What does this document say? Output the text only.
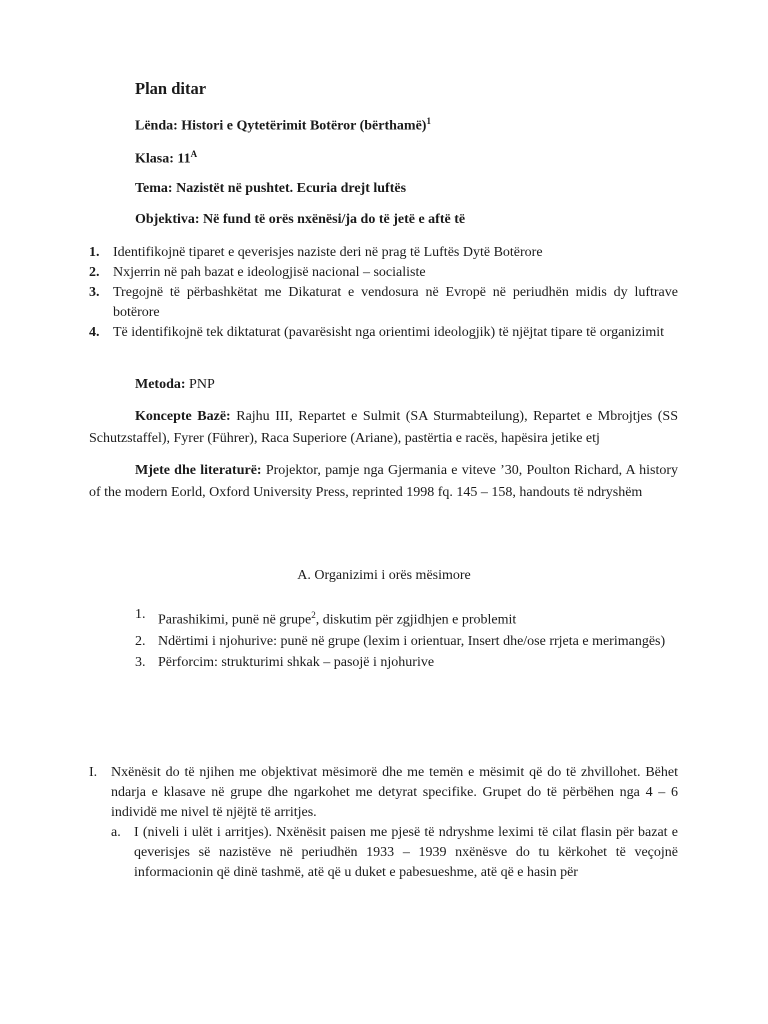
Plan ditar
Lënda: Histori e Qytetërimit Botëror (bërthamë)$^1$
Klasa: $11^A$
Tema: Nazistët në pushtet. Ecuria drejt luftës
Objektiva: Në fund të orës nxënësi/ja do të jetë e aftë të

1. Identifikojnë tiparet e qeverisjes naziste deri në prag të Luftës Dytë Botërore

2. Nxjerrin në pah bazat e ideologjisë nacional – socialiste

3. Tregojnë të përbashkëtat me Dikaturat e vendosura në Evropë në periudhën midis dy luftrave botërore

4. Të identifikojnë tek diktaturat (pavarësisht nga orientimi ideologjik) të njëjtat tipare të organizimit

Metoda: PNP
Koncepte Bazë: Rajhu III, Repartet e Sulmit (SA Sturmabteilung), Repartet e Mbrojtjes (SS Schutzstaffel), Fyrer (Führer), Raca Superiore (Ariane), pastërtia e racës, hapësira jetike etj
Mjete dhe literaturë: Projektor, pamje nga Gjermania e viteve ’30, Poulton Richard, A history of the modern Eorld, Oxford University Press, reprinted 1998 fq. 145 – 158, handouts të ndryshëm
A. Organizimi i orës mësimore

1. Parashikimi, punë në grupe$^2$, diskutim për zgjidhjen e problemit

2. Ndërtimi i njohurive: punë në grupe (lexim i orientuar, Insert dhe/ose rrjeta e merimangës)

3. Përforcim: strukturimi shkak – pasojë i njohurive

I. Nxënësit do të njihen me objektivat mësimorë dhe me temën e mësimit që do të zhvillohet. Bëhet ndarja e klasave në grupe dhe ngarkohet me detyrat specifike. Grupet do të përbëhen nga 4 – 6 individë me nivel të njëjtë të arritjes.

a. I (niveli i ulët i arritjes). Nxënësit paisen me pjesë të ndryshme leximi të cilat flasin për bazat e qeverisjes së nazistëve në periudhën 1933 – 1939 nxënësve do tu kërkohet të veçojnë informacionin që dinë tashmë, atë që u duket e pabesueshme, atë që e hasin për
